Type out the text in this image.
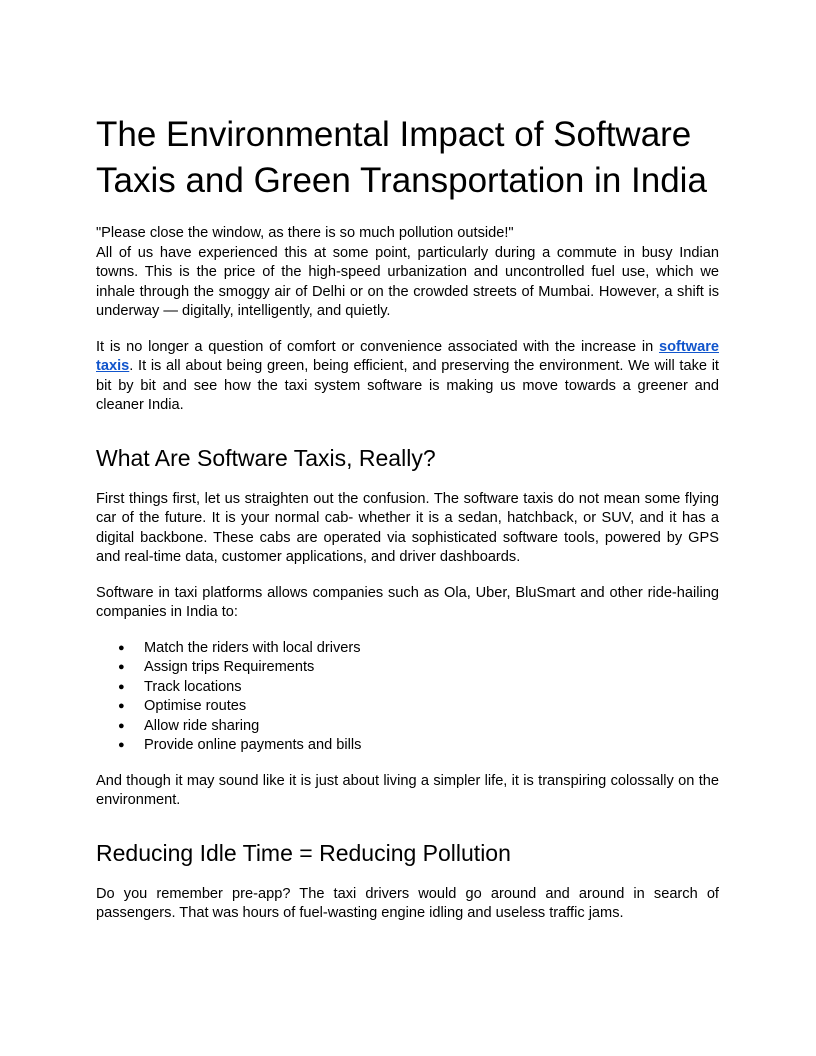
The Environmental Impact of Software
Taxis and Green Transportation in India

"Please close the window, as there is so much pollution outside!"

All of us have experienced this at some point, particularly during a commute in busy Indian towns. This is the price of the high-speed urbanization and uncontrolled fuel use, which we inhale through the smoggy air of Delhi or on the crowded streets of Mumbai. However, a shift is underway — digitally, intelligently, and quietly.

It is no longer a question of comfort or convenience associated with the increase in software taxis. It is all about being green, being efficient, and preserving the environment. We will take it bit by bit and see how the taxi system software is making us move towards a greener and cleaner India.

What Are Software Taxis, Really?

First things first, let us straighten out the confusion. The software taxis do not mean some flying car of the future. It is your normal cab- whether it is a sedan, hatchback, or SUV, and it has a digital backbone. These cabs are operated via sophisticated software tools, powered by GPS and real-time data, customer applications, and driver dashboards.

Software in taxi platforms allows companies such as Ola, Uber, BluSmart and other ride-hailing companies in India to:

● Match the riders with local drivers
● Assign trips Requirements
● Track locations
● Optimise routes
● Allow ride sharing
● Provide online payments and bills

And though it may sound like it is just about living a simpler life, it is transpiring colossally on the environment.

Reducing Idle Time = Reducing Pollution

Do you remember pre-app? The taxi drivers would go around and around in search of passengers. That was hours of fuel-wasting engine idling and useless traffic jams.
